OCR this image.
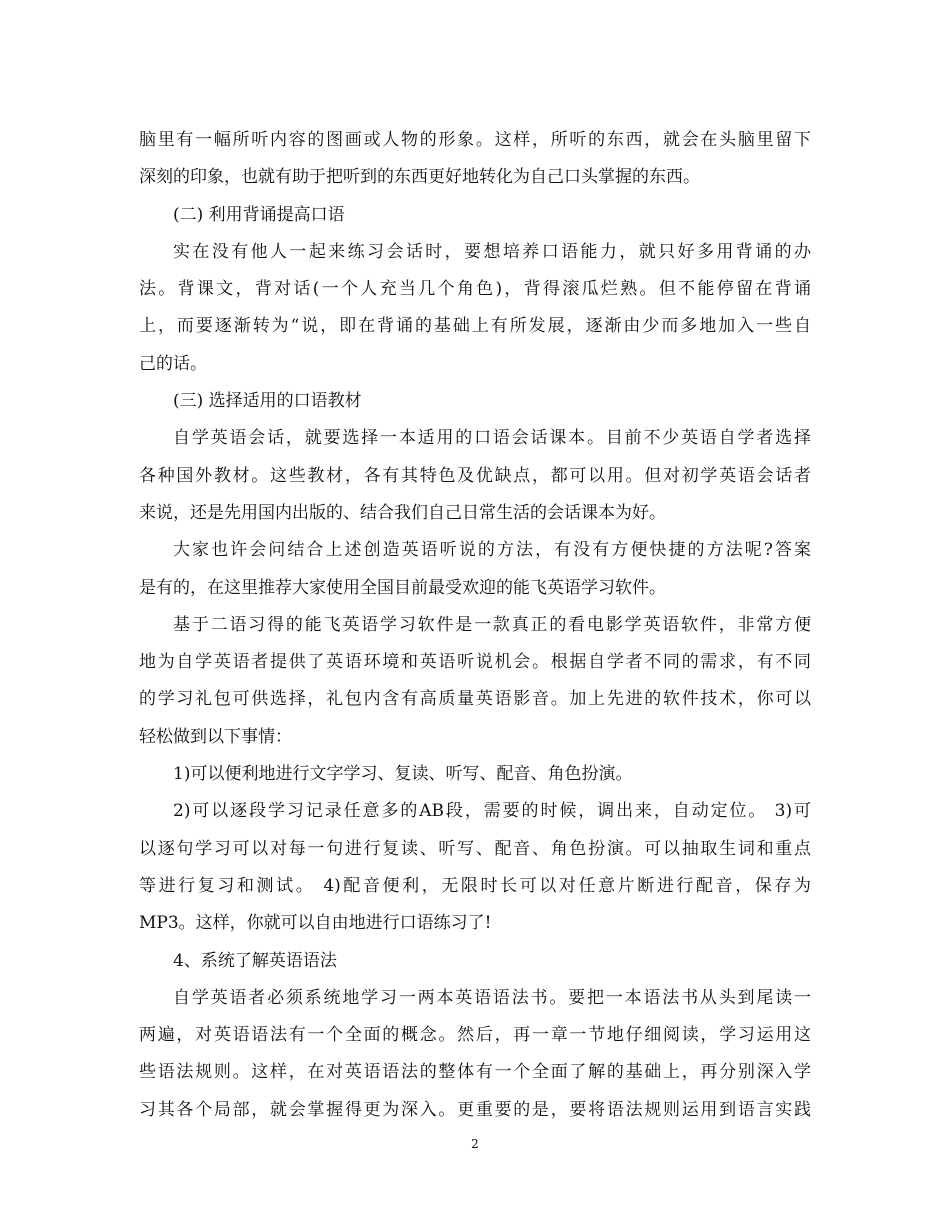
脑里有一幅所听内容的图画或人物的形象。这样，所听的东西，就会在头脑里留下
深刻的印象，也就有助于把听到的东西更好地转化为自己口头掌握的东西。
(二) 利用背诵提高口语
实在没有他人一起来练习会话时，要想培养口语能力，就只好多用背诵的办
法。背课文，背对话(一个人充当几个角色)，背得滚瓜烂熟。但不能停留在背诵
上，而要逐渐转为“说，即在背诵的基础上有所发展，逐渐由少而多地加入一些自
己的话。
(三) 选择适用的口语教材
自学英语会话，就要选择一本适用的口语会话课本。目前不少英语自学者选择
各种国外教材。这些教材，各有其特色及优缺点，都可以用。但对初学英语会话者
来说，还是先用国内出版的、结合我们自己日常生活的会话课本为好。
大家也许会问结合上述创造英语听说的方法，有没有方便快捷的方法呢?答案
是有的，在这里推荐大家使用全国目前最受欢迎的能飞英语学习软件。
基于二语习得的能飞英语学习软件是一款真正的看电影学英语软件，非常方便
地为自学英语者提供了英语环境和英语听说机会。根据自学者不同的需求，有不同
的学习礼包可供选择，礼包内含有高质量英语影音。加上先进的软件技术，你可以
轻松做到以下事情：
1)可以便利地进行文字学习、复读、听写、配音、角色扮演。
2)可以逐段学习记录任意多的AB段，需要的时候，调出来，自动定位。 3)可
以逐句学习可以对每一句进行复读、听写、配音、角色扮演。可以抽取生词和重点
等进行复习和测试。 4)配音便利，无限时长可以对任意片断进行配音，保存为
MP3。这样，你就可以自由地进行口语练习了!
4、系统了解英语语法
自学英语者必须系统地学习一两本英语语法书。要把一本语法书从头到尾读一
两遍，对英语语法有一个全面的概念。然后，再一章一节地仔细阅读，学习运用这
些语法规则。这样，在对英语语法的整体有一个全面了解的基础上，再分别深入学
习其各个局部，就会掌握得更为深入。更重要的是，要将语法规则运用到语言实践
2
